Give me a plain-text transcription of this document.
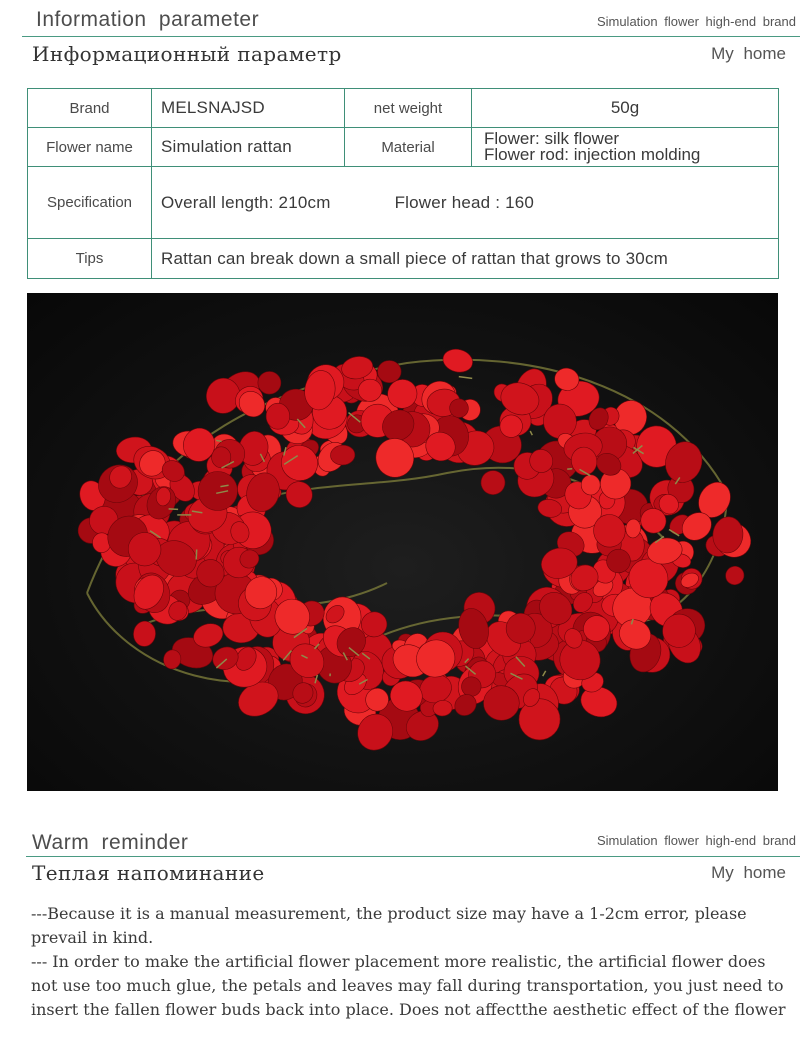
Information parameter	Simulation flower high-end brand
Информационный параметр	My home
Brand	MELSNAJSD	net weight	50g
Flower name	Simulation rattan	Material	Flower: silk flower
Flower rod: injection molding

Specification	Overall length: 210cm Flower head : 160		
Tips	Rattan can break down a small piece of rattan that grows to 30cm		
Warm reminder	Simulation flower high-end brand
Теплая напоминание	My home

---Because it is a manual measurement, the product size may have a 1-2cm error, please prevail in kind.

--- In order to make the artificial flower placement more realistic, the artificial flower does not use too much glue, the petals and leaves may fall during transportation, you just need to insert the fallen flower buds back into place. Does not affectthe aesthetic effect of the flower
